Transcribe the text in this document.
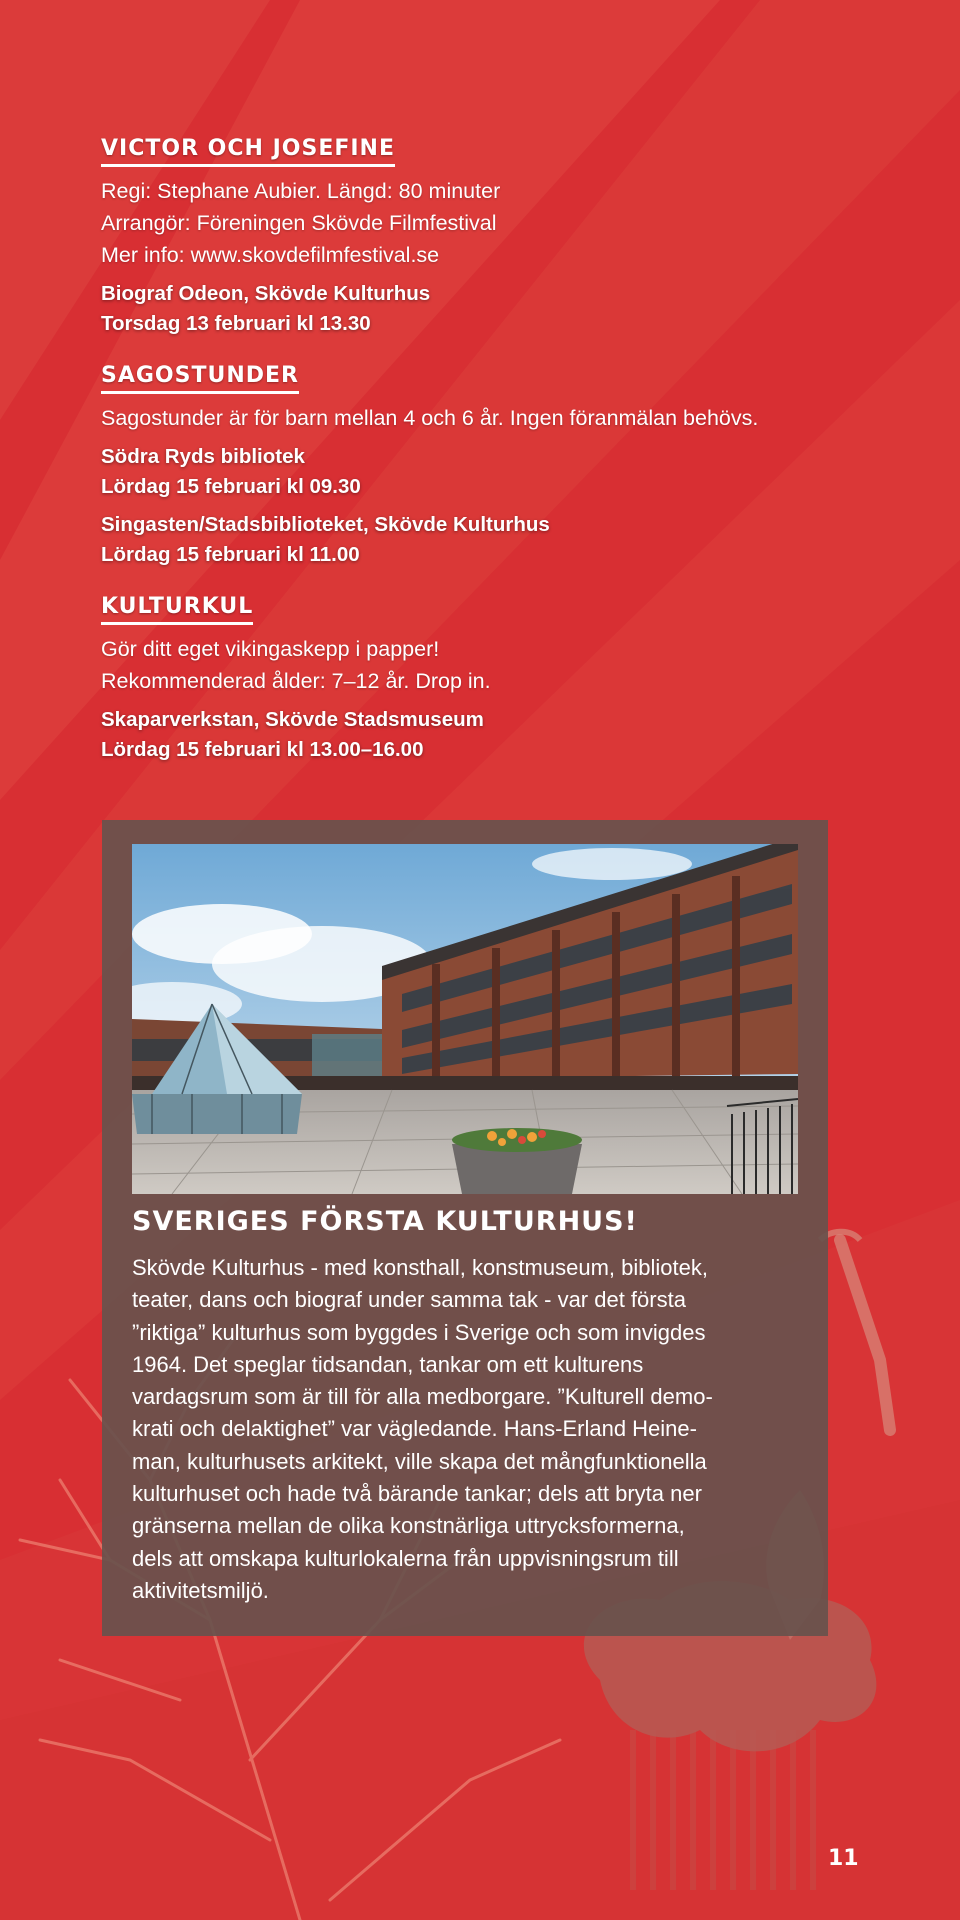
VICTOR OCH JOSEFINE
Regi: Stephane Aubier. Längd: 80 minuter
Arrangör: Föreningen Skövde Filmfestival
Mer info: www.skovdefilmfestival.se
Biograf Odeon, Skövde Kulturhus
Torsdag 13 februari kl 13.30
SAGOSTUNDER
Sagostunder är för barn mellan 4 och 6 år. Ingen föranmälan behövs.
Södra Ryds bibliotek
Lördag 15 februari kl 09.30
Singasten/Stadsbiblioteket, Skövde Kulturhus
Lördag 15 februari kl 11.00
KULTURKUL
Gör ditt eget vikingaskepp i papper!
Rekommenderad ålder: 7–12 år. Drop in.
Skaparverkstan, Skövde Stadsmuseum
Lördag 15 februari kl 13.00–16.00
SVERIGES FÖRSTA KULTURHUS!
Skövde Kulturhus - med konsthall, konstmuseum, bibliotek,
teater, dans och biograf under samma tak - var det första
”riktiga” kulturhus som byggdes i Sverige och som invigdes
1964. Det speglar tidsandan, tankar om ett kulturens
vardagsrum som är till för alla medborgare. ”Kulturell demo-
krati och delaktighet” var vägledande. Hans-Erland Heine-
man, kulturhusets arkitekt, ville skapa det mångfunktionella
kulturhuset och hade två bärande tankar; dels att bryta ner
gränserna mellan de olika konstnärliga uttrycksformerna,
dels att omskapa kulturlokalerna från uppvisningsrum till
aktivitetsmiljö.
11
